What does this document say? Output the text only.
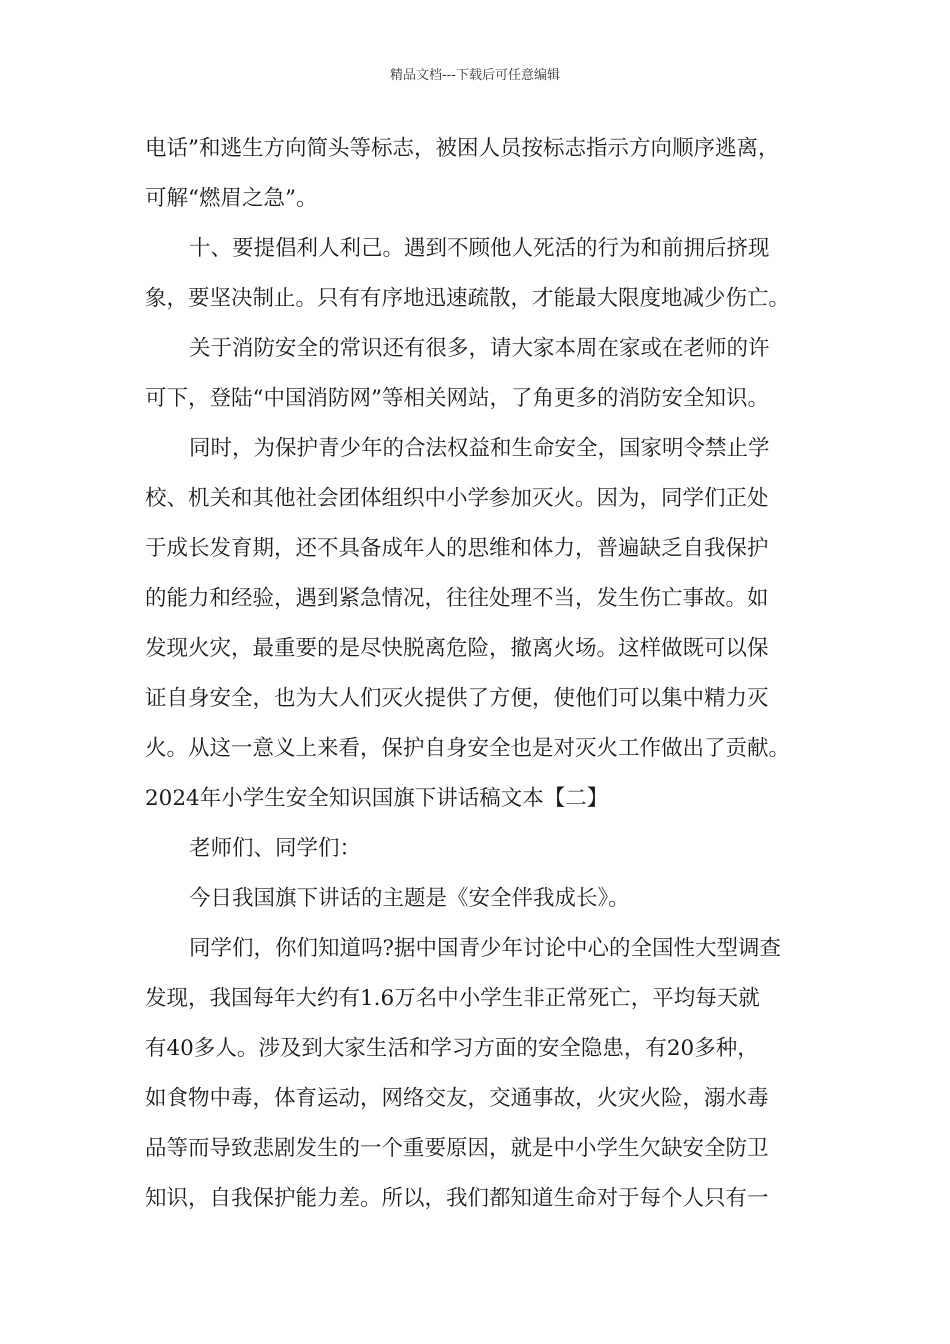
精品文档---下载后可任意编辑
电话”和逃生方向简头等标志，被困人员按标志指示方向顺序逃离，
可解“燃眉之急”。
十、要提倡利人利己。遇到不顾他人死活的行为和前拥后挤现
象，要坚决制止。只有有序地迅速疏散，才能最大限度地减少伤亡。
关于消防安全的常识还有很多，请大家本周在家或在老师的许
可下，登陆“中国消防网”等相关网站，了角更多的消防安全知识。
同时，为保护青少年的合法权益和生命安全，国家明令禁止学
校、机关和其他社会团体组织中小学参加灭火。因为，同学们正处
于成长发育期，还不具备成年人的思维和体力，普遍缺乏自我保护
的能力和经验，遇到紧急情况，往往处理不当，发生伤亡事故。如
发现火灾，最重要的是尽快脱离危险，撤离火场。这样做既可以保
证自身安全，也为大人们灭火提供了方便，使他们可以集中精力灭
火。从这一意义上来看，保护自身安全也是对灭火工作做出了贡献。
2024年小学生安全知识国旗下讲话稿文本【二】
老师们、同学们：
今日我国旗下讲话的主题是《安全伴我成长》。
同学们，你们知道吗?据中国青少年讨论中心的全国性大型调查
发现，我国每年大约有1.6万名中小学生非正常死亡，平均每天就
有40多人。涉及到大家生活和学习方面的安全隐患，有20多种，
如食物中毒，体育运动，网络交友，交通事故，火灾火险，溺水毒
品等而导致悲剧发生的一个重要原因，就是中小学生欠缺安全防卫
知识，自我保护能力差。所以，我们都知道生命对于每个人只有一
